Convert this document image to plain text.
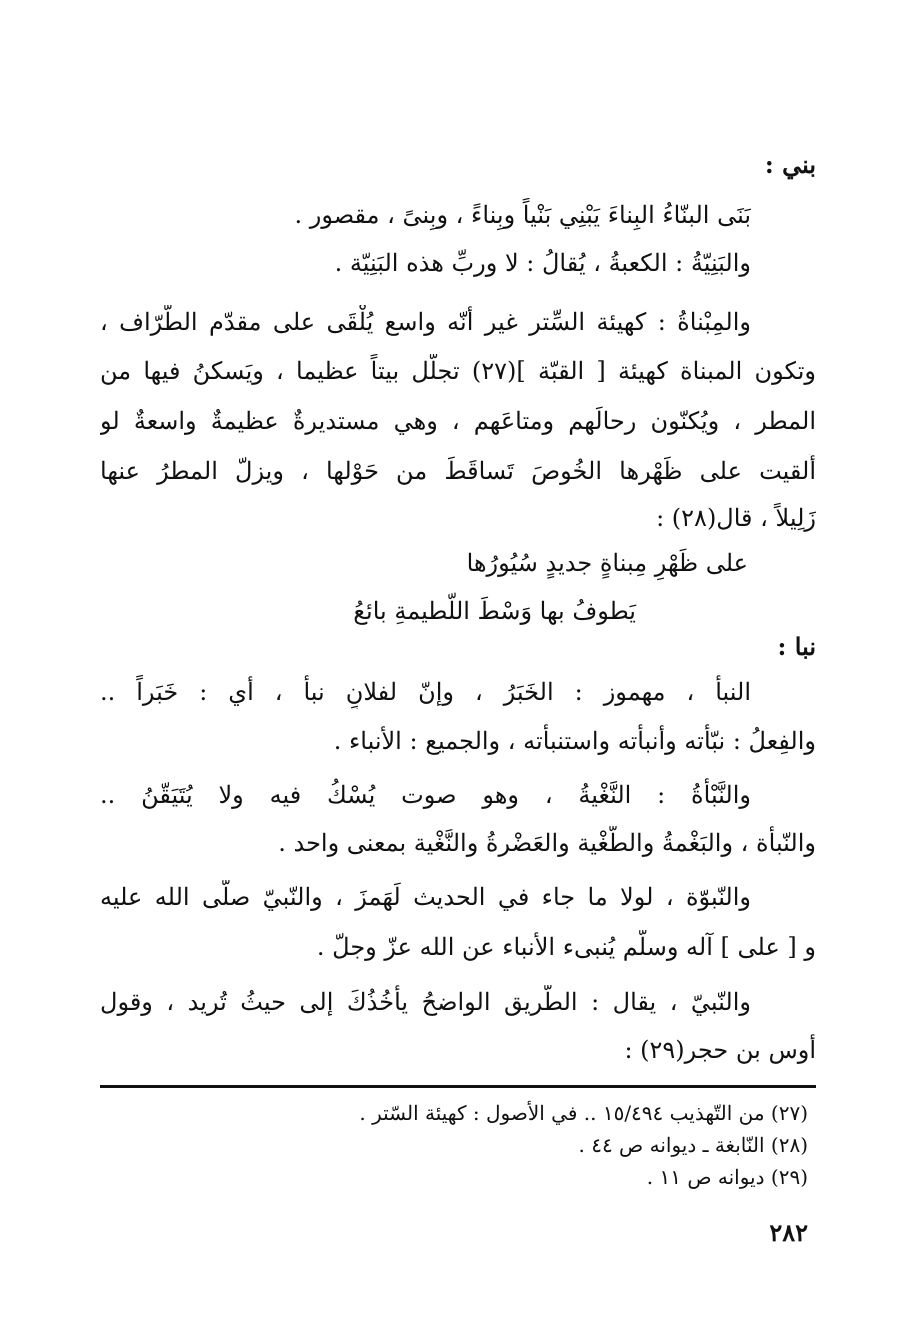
بني :
بَنَى البنّاءُ البِناءَ يَبْنِي بَنْياً وبِناءً ، وبِنىً ، مقصور .
والبَنِيّةُ : الكعبةُ ، يُقالُ : لا وربِّ هذه البَنِيّة .
والمِبْناةُ : كهيئة السِّتر غير أنّه واسع يُلْقَى على مقدّم الطّرّاف ،
وتكون المبناة كهيئة [ القبّة ](٢٧) تجلّل بيتاً عظيما ، ويَسكنُ فيها من
المطر ، ويُكنّون رحالَهم ومتاعَهم ، وهي مستديرةٌ عظيمةٌ واسعةٌ لو
أُلقيت على ظَهْرها الخُوصَ تَساقَطَ من حَوْلها ، ويزلّ المطرُ عنها
زَلِيلاً ، قال(٢٨) :
على ظَهْرِ مِبناةٍ جديدٍ سُيُورُها
يَطوفُ بها وَسْطَ اللّطيمةِ بائعُ
نبا :
النبأُ ، مهموز : الخَبَرُ ، وإنّ لفلانٍ نبأً ، أي : خَبَراً ..
والفِعلُ : نبّأته وأنبأته واستنبأته ، والجميع : الأنباء .
والنَّبْأةُ : النَّغْيةُ ، وهو صوت يُسْكُ فيه ولا يُتَيَقّنُ ..
والنّبأة ، والبَغْمةُ والطّغْية والعَضْرةُ والنَّغْية بمعنى واحد .
والنّبوّة ، لولا ما جاء في الحديث لَهَمزَ ، والنّبيّ صلّى الله عليه
و [ على ] آله وسلّم يُنبىء الأنباء عن الله عزّ وجلّ .
والنّبيّ ، يقال : الطّريق الواضحُ يأخُذُكَ إلى حيثُ تُريد ، وقول
أوس بن حجر(٢٩) :
(٢٧) من التّهذيب ١٥/٤٩٤ .. في الأصول : كهيئة السّتر .
(٢٨) النّابغة ـ ديوانه ص ٤٤ .
(٢٩) ديوانه ص ١١ .
٢٨٢
